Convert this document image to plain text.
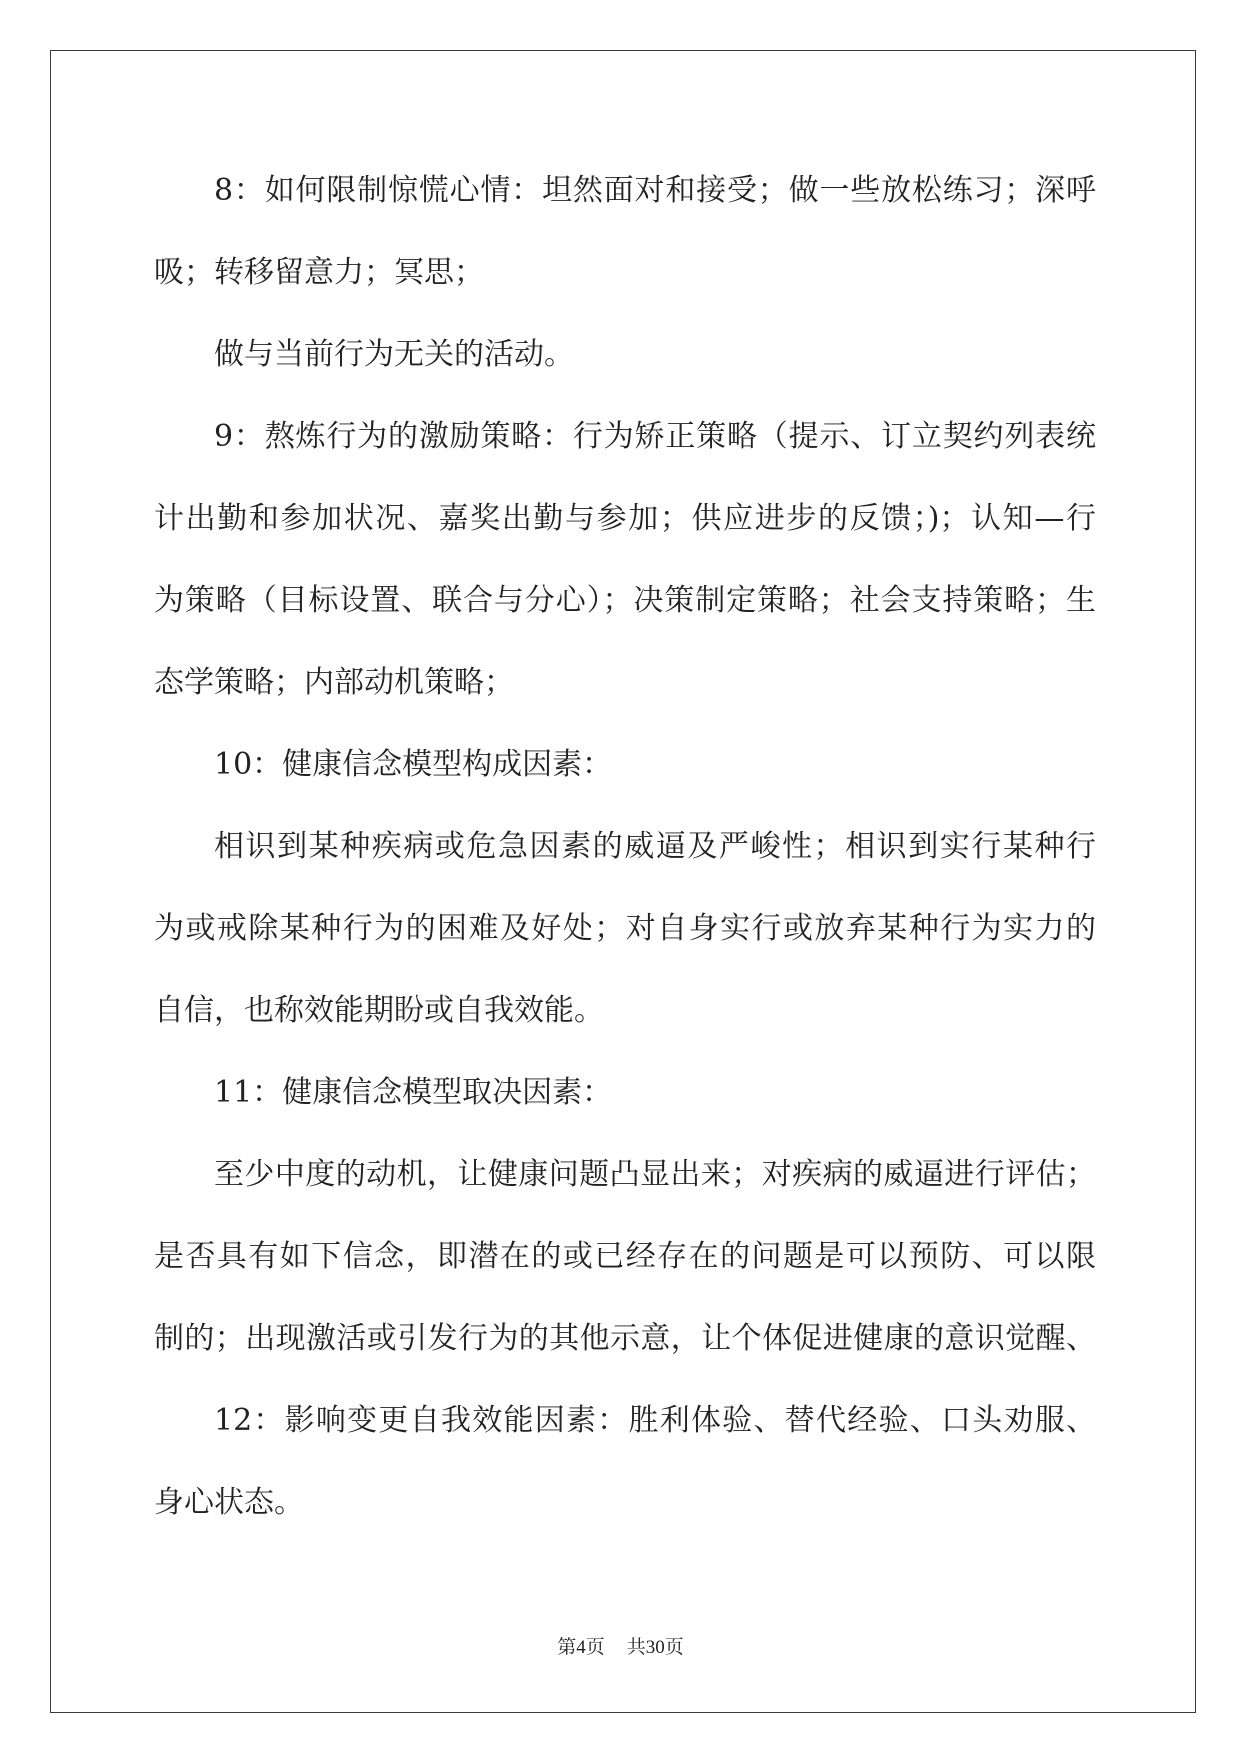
8：如何限制惊慌心情：坦然面对和接受；做一些放松练习；深呼
吸；转移留意力；冥思；
做与当前行为无关的活动。
9：熬炼行为的激励策略：行为矫正策略（提示、订立契约列表统
计出勤和参加状况、嘉奖出勤与参加；供应进步的反馈；)；认知—行
为策略（目标设置、联合与分心）；决策制定策略；社会支持策略；生
态学策略；内部动机策略；
10：健康信念模型构成因素：
相识到某种疾病或危急因素的威逼及严峻性；相识到实行某种行
为或戒除某种行为的困难及好处；对自身实行或放弃某种行为实力的
自信，也称效能期盼或自我效能。
11：健康信念模型取决因素：
至少中度的动机，让健康问题凸显出来；对疾病的威逼进行评估；
是否具有如下信念，即潜在的或已经存在的问题是可以预防、可以限
制的；出现激活或引发行为的其他示意，让个体促进健康的意识觉醒、
12：影响变更自我效能因素：胜利体验、替代经验、口头劝服、
身心状态。
第4页 共30页
